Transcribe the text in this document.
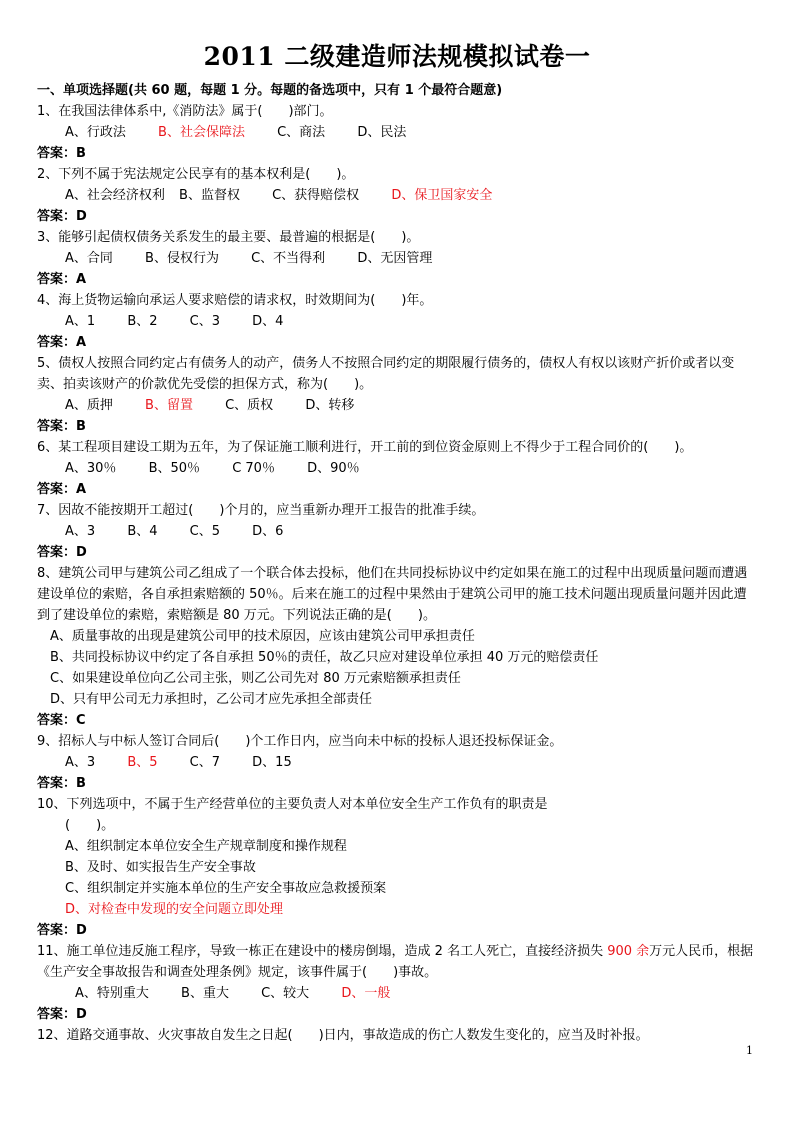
2011 二级建造师法规模拟试卷一
一、单项选择题(共 60 题，每题 1 分。每题的备选项中，只有 1 个最符合题意)
1、在我国法律体系中,《消防法》属于(　　)部门。
A、行政法 B、社会保障法 C、商法 D、民法
答案：B
2、下列不属于宪法规定公民享有的基本权利是(　　)。
A、社会经济权利 B、监督权 C、获得赔偿权 D、保卫国家安全
答案：D
3、能够引起债权债务关系发生的最主要、最普遍的根据是(　　)。
A、合同 B、侵权行为 C、不当得利 D、无因管理
答案：A
4、海上货物运输向承运人要求赔偿的请求权，时效期间为(　　)年。
A、1 B、2 C、3 D、4
答案：A
5、债权人按照合同约定占有债务人的动产，债务人不按照合同约定的期限履行债务的，债权人有权以该财产折价或者以变卖、拍卖该财产的价款优先受偿的担保方式，称为(　　)。
A、质押 B、留置 C、质权 D、转移
答案：B
6、某工程项目建设工期为五年，为了保证施工顺利进行，开工前的到位资金原则上不得少于工程合同价的(　　)。
A、30％ B、50％ C 70％ D、90％
答案：A
7、因故不能按期开工超过(　　)个月的，应当重新办理开工报告的批准手续。
A、3 B、4 C、5 D、6
答案：D
8、建筑公司甲与建筑公司乙组成了一个联合体去投标，他们在共同投标协议中约定如果在施工的过程中出现质量问题而遭遇建设单位的索赔，各自承担索赔额的 50％。后来在施工的过程中果然由于建筑公司甲的施工技术问题出现质量问题并因此遭到了建设单位的索赔，索赔额是 80 万元。下列说法正确的是(　　)。
A、质量事故的出现是建筑公司甲的技术原因，应该由建筑公司甲承担责任
B、共同投标协议中约定了各自承担 50％的责任，故乙只应对建设单位承担 40 万元的赔偿责任
C、如果建设单位向乙公司主张，则乙公司先对 80 万元索赔额承担责任
D、只有甲公司无力承担时，乙公司才应先承担全部责任
答案：C
9、招标人与中标人签订合同后(　　)个工作日内，应当向未中标的投标人退还投标保证金。
A、3 B、5 C、7 D、15
答案：B
10、下列选项中，不属于生产经营单位的主要负责人对本单位安全生产工作负有的职责是
(　　)。
A、组织制定本单位安全生产规章制度和操作规程
B、及时、如实报告生产安全事故
C、组织制定并实施本单位的生产安全事故应急救援预案
D、对检查中发现的安全问题立即处理
答案：D
11、施工单位违反施工程序，导致一栋正在建设中的楼房倒塌，造成 2 名工人死亡，直接经济损失 900 余万元人民币，根据《生产安全事故报告和调查处理条例》规定，该事件属于(　　)事故。
A、特别重大 B、重大 C、较大 D、一般
答案：D
12、道路交通事故、火灾事故自发生之日起(　　)日内，事故造成的伤亡人数发生变化的，应当及时补报。
1
